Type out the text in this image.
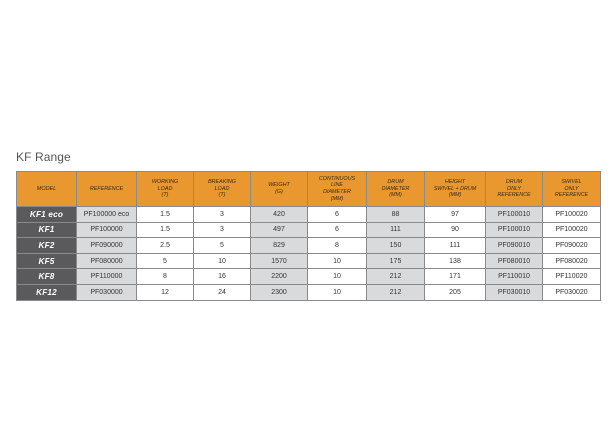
KF Range
MODEL	REFERENCE	WORKING
LOAD
(T)	BREAKING
LOAD
(T)	WEIGHT
(G)	CONTINUOUS
LINE
DIAMETER
(MM)	DRUM
DIAMETER
(MM)	HEIGHT
SWIVEL + DRUM
(MM)	DRUM
ONLY
REFERENCE	SWIVEL
ONLY
REFERENCE

KF1 eco	PF100000 eco	1.5	3	420	6	88	97	PF100010	PF100020
KF1	PF100000	1.5	3	497	6	111	90	PF100010	PF100020
KF2	PF090000	2.5	5	829	8	150	111	PF090010	PF090020
KF5	PF080000	5	10	1570	10	175	138	PF080010	PF080020
KF8	PF110000	8	16	2200	10	212	171	PF110010	PF110020
KF12	PF030000	12	24	2300	10	212	205	PF030010	PF030020
